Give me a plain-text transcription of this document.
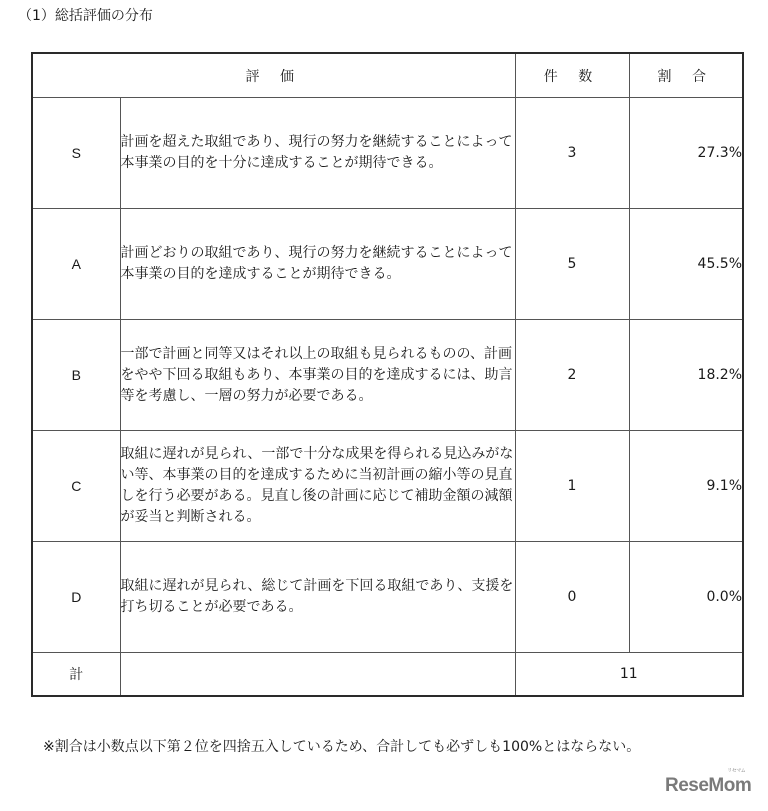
（1）総括評価の分布
評 価		件 数	割 合
S	計画を超えた取組であり、現行の努力を継続することによって本事業の目的を十分に達成することが期待できる。	3	27.3%
A	計画どおりの取組であり、現行の努力を継続することによって本事業の目的を達成することが期待できる。	5	45.5%
B	一部で計画と同等又はそれ以上の取組も見られるものの、計画をやや下回る取組もあり、本事業の目的を達成するには、助言等を考慮し、一層の努力が必要である。	2	18.2%
C	取組に遅れが見られ、一部で十分な成果を得られる見込みがない等、本事業の目的を達成するために当初計画の縮小等の見直しを行う必要がある。見直し後の計画に応じて補助金額の減額が妥当と判断される。	1	9.1%
D	取組に遅れが見られ、総じて計画を下回る取組であり、支援を打ち切ることが必要である。	0	0.0%
計		11	
※割合は小数点以下第２位を四捨五入しているため、合計しても必ずしも100%とはならない。
リセマム
ReseMom
